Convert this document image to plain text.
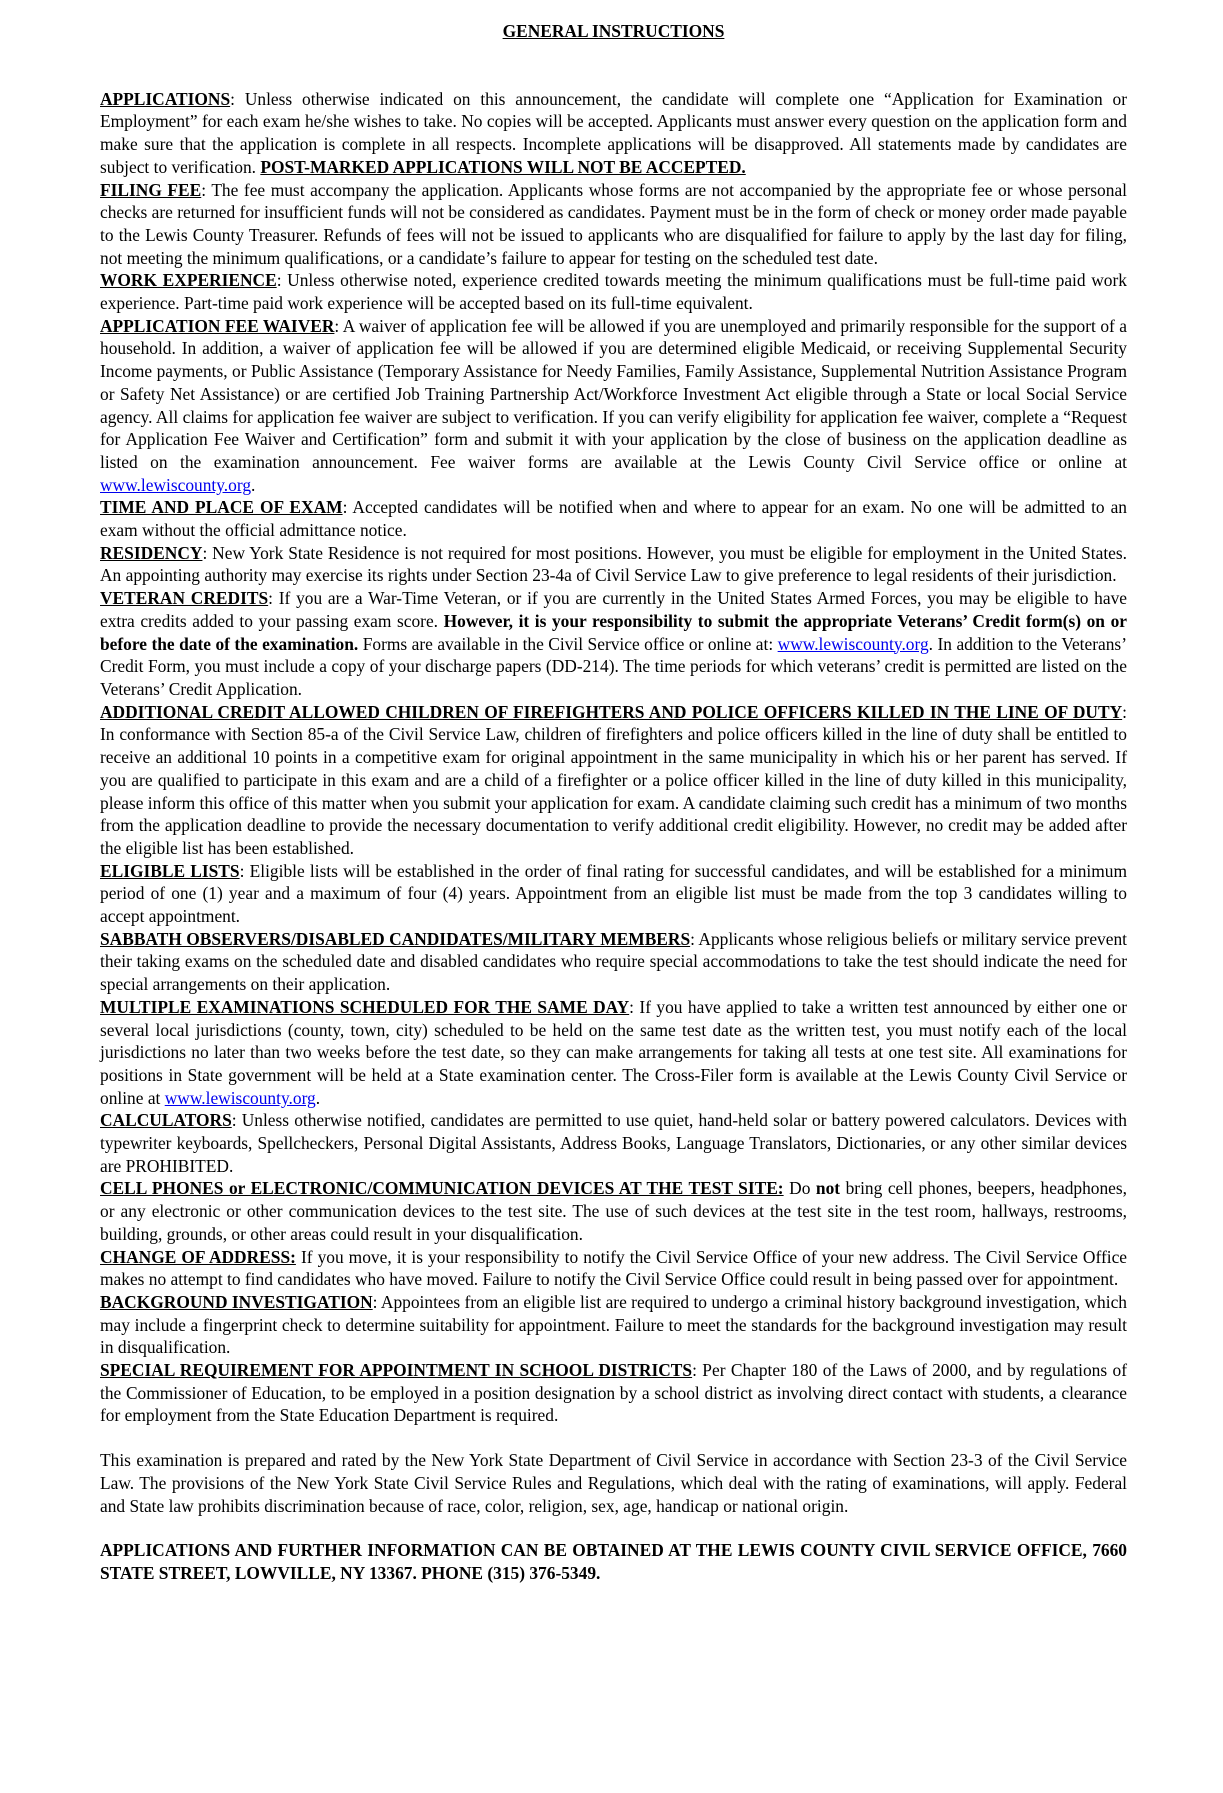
GENERAL INSTRUCTIONS

APPLICATIONS: Unless otherwise indicated on this announcement, the candidate will complete one “Application for Examination or Employment” for each exam he/she wishes to take. No copies will be accepted. Applicants must answer every question on the application form and make sure that the application is complete in all respects. Incomplete applications will be disapproved. All statements made by candidates are subject to verification. POST-MARKED APPLICATIONS WILL NOT BE ACCEPTED.

FILING FEE: The fee must accompany the application. Applicants whose forms are not accompanied by the appropriate fee or whose personal checks are returned for insufficient funds will not be considered as candidates. Payment must be in the form of check or money order made payable to the Lewis County Treasurer. Refunds of fees will not be issued to applicants who are disqualified for failure to apply by the last day for filing, not meeting the minimum qualifications, or a candidate’s failure to appear for testing on the scheduled test date.

WORK EXPERIENCE: Unless otherwise noted, experience credited towards meeting the minimum qualifications must be full-time paid work experience. Part-time paid work experience will be accepted based on its full-time equivalent.

APPLICATION FEE WAIVER: A waiver of application fee will be allowed if you are unemployed and primarily responsible for the support of a household. In addition, a waiver of application fee will be allowed if you are determined eligible Medicaid, or receiving Supplemental Security Income payments, or Public Assistance (Temporary Assistance for Needy Families, Family Assistance, Supplemental Nutrition Assistance Program or Safety Net Assistance) or are certified Job Training Partnership Act/Workforce Investment Act eligible through a State or local Social Service agency. All claims for application fee waiver are subject to verification. If you can verify eligibility for application fee waiver, complete a “Request for Application Fee Waiver and Certification” form and submit it with your application by the close of business on the application deadline as listed on the examination announcement. Fee waiver forms are available at the Lewis County Civil Service office or online at www.lewiscounty.org.

TIME AND PLACE OF EXAM: Accepted candidates will be notified when and where to appear for an exam. No one will be admitted to an exam without the official admittance notice.

RESIDENCY: New York State Residence is not required for most positions. However, you must be eligible for employment in the United States. An appointing authority may exercise its rights under Section 23-4a of Civil Service Law to give preference to legal residents of their jurisdiction.

VETERAN CREDITS: If you are a War-Time Veteran, or if you are currently in the United States Armed Forces, you may be eligible to have extra credits added to your passing exam score. However, it is your responsibility to submit the appropriate Veterans’ Credit form(s) on or before the date of the examination. Forms are available in the Civil Service office or online at: www.lewiscounty.org. In addition to the Veterans’ Credit Form, you must include a copy of your discharge papers (DD-214). The time periods for which veterans’ credit is permitted are listed on the Veterans’ Credit Application.

ADDITIONAL CREDIT ALLOWED CHILDREN OF FIREFIGHTERS AND POLICE OFFICERS KILLED IN THE LINE OF DUTY: In conformance with Section 85-a of the Civil Service Law, children of firefighters and police officers killed in the line of duty shall be entitled to receive an additional 10 points in a competitive exam for original appointment in the same municipality in which his or her parent has served. If you are qualified to participate in this exam and are a child of a firefighter or a police officer killed in the line of duty killed in this municipality, please inform this office of this matter when you submit your application for exam. A candidate claiming such credit has a minimum of two months from the application deadline to provide the necessary documentation to verify additional credit eligibility. However, no credit may be added after the eligible list has been established.

ELIGIBLE LISTS: Eligible lists will be established in the order of final rating for successful candidates, and will be established for a minimum period of one (1) year and a maximum of four (4) years. Appointment from an eligible list must be made from the top 3 candidates willing to accept appointment.

SABBATH OBSERVERS/DISABLED CANDIDATES/MILITARY MEMBERS: Applicants whose religious beliefs or military service prevent their taking exams on the scheduled date and disabled candidates who require special accommodations to take the test should indicate the need for special arrangements on their application.

MULTIPLE EXAMINATIONS SCHEDULED FOR THE SAME DAY: If you have applied to take a written test announced by either one or several local jurisdictions (county, town, city) scheduled to be held on the same test date as the written test, you must notify each of the local jurisdictions no later than two weeks before the test date, so they can make arrangements for taking all tests at one test site. All examinations for positions in State government will be held at a State examination center. The Cross-Filer form is available at the Lewis County Civil Service or online at www.lewiscounty.org.

CALCULATORS: Unless otherwise notified, candidates are permitted to use quiet, hand-held solar or battery powered calculators. Devices with typewriter keyboards, Spellcheckers, Personal Digital Assistants, Address Books, Language Translators, Dictionaries, or any other similar devices are PROHIBITED.

CELL PHONES or ELECTRONIC/COMMUNICATION DEVICES AT THE TEST SITE: Do not bring cell phones, beepers, headphones, or any electronic or other communication devices to the test site. The use of such devices at the test site in the test room, hallways, restrooms, building, grounds, or other areas could result in your disqualification.

CHANGE OF ADDRESS: If you move, it is your responsibility to notify the Civil Service Office of your new address. The Civil Service Office makes no attempt to find candidates who have moved. Failure to notify the Civil Service Office could result in being passed over for appointment.

BACKGROUND INVESTIGATION: Appointees from an eligible list are required to undergo a criminal history background investigation, which may include a fingerprint check to determine suitability for appointment. Failure to meet the standards for the background investigation may result in disqualification.

SPECIAL REQUIREMENT FOR APPOINTMENT IN SCHOOL DISTRICTS: Per Chapter 180 of the Laws of 2000, and by regulations of the Commissioner of Education, to be employed in a position designation by a school district as involving direct contact with students, a clearance for employment from the State Education Department is required.

This examination is prepared and rated by the New York State Department of Civil Service in accordance with Section 23-3 of the Civil Service Law. The provisions of the New York State Civil Service Rules and Regulations, which deal with the rating of examinations, will apply. Federal and State law prohibits discrimination because of race, color, religion, sex, age, handicap or national origin.

APPLICATIONS AND FURTHER INFORMATION CAN BE OBTAINED AT THE LEWIS COUNTY CIVIL SERVICE OFFICE, 7660 STATE STREET, LOWVILLE, NY 13367. PHONE (315) 376-5349.
